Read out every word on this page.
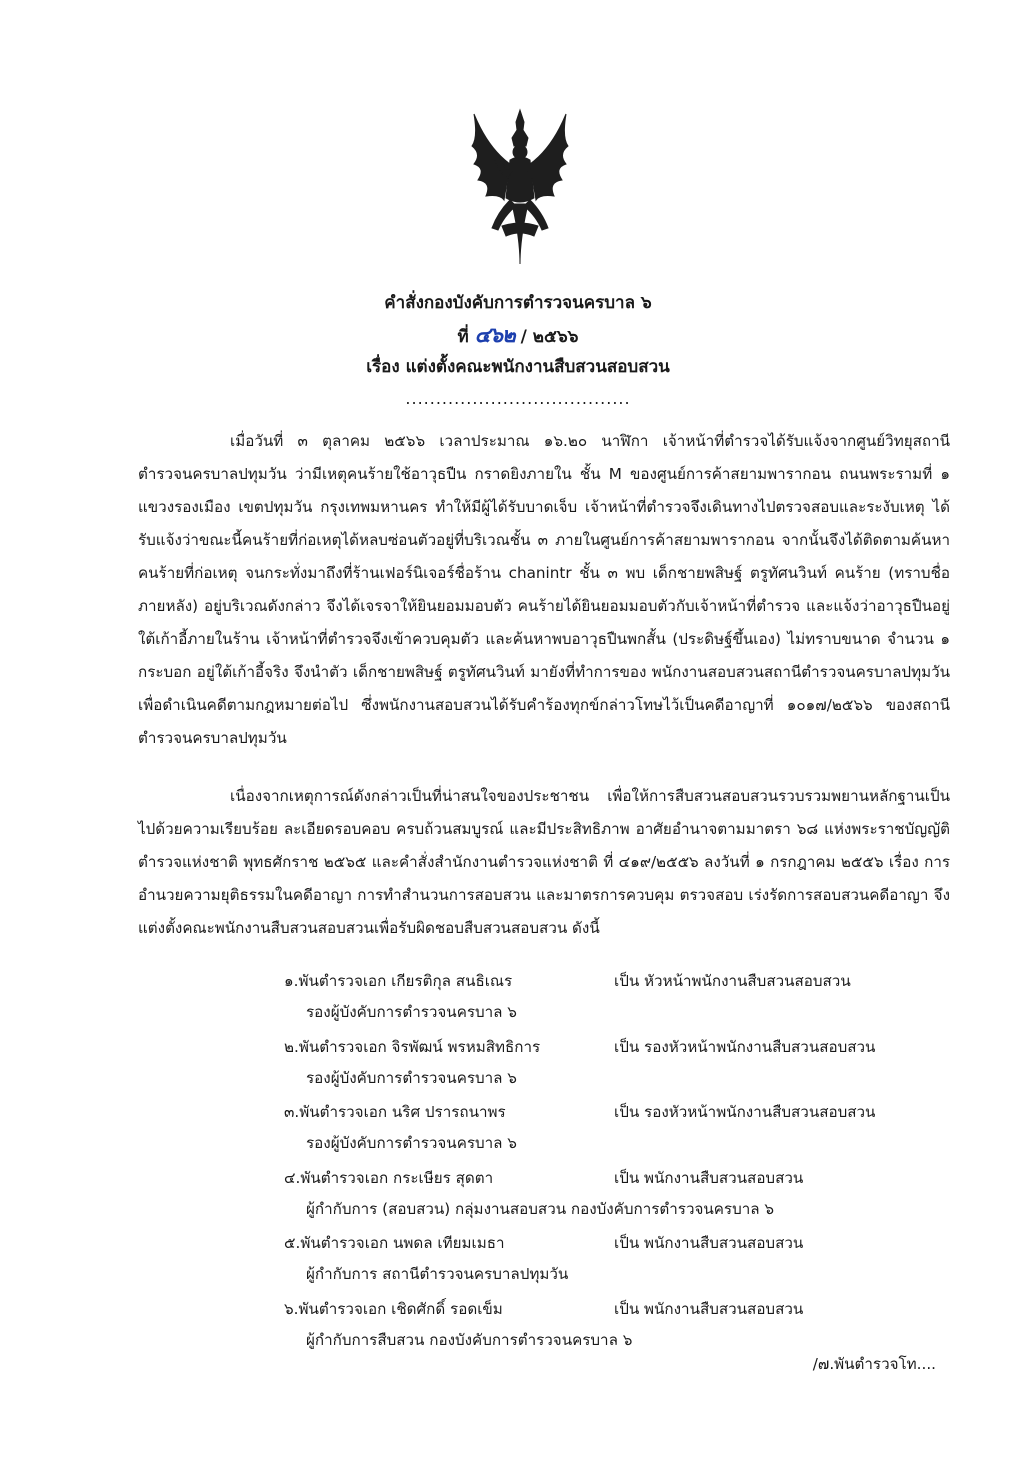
คำสั่งกองบังคับการตำรวจนครบาล ๖
ที่ ๔๖๒ / ๒๕๖๖
เรื่อง แต่งตั้งคณะพนักงานสืบสวนสอบสวน
.....................................

เมื่อวันที่ ๓ ตุลาคม ๒๕๖๖ เวลาประมาณ ๑๖.๒๐ นาฬิกา เจ้าหน้าที่ตำรวจได้รับแจ้งจากศูนย์วิทยุสถานีตำรวจนครบาลปทุมวัน ว่ามีเหตุคนร้ายใช้อาวุธปืน กราดยิงภายใน ชั้น M ของศูนย์การค้าสยามพารากอน ถนนพระรามที่ ๑ แขวงรองเมือง เขตปทุมวัน กรุงเทพมหานคร ทำให้มีผู้ได้รับบาดเจ็บ เจ้าหน้าที่ตำรวจจึงเดินทางไปตรวจสอบและระงับเหตุ ได้รับแจ้งว่าขณะนี้คนร้ายที่ก่อเหตุได้หลบซ่อนตัวอยู่ที่บริเวณชั้น ๓ ภายในศูนย์การค้าสยามพารากอน จากนั้นจึงได้ติดตามค้นหาคนร้ายที่ก่อเหตุ จนกระทั่งมาถึงที่ร้านเฟอร์นิเจอร์ชื่อร้าน chanintr ชั้น ๓ พบ เด็กชายพสิษฐ์ ตรูทัศนวินท์ คนร้าย (ทราบชื่อภายหลัง) อยู่บริเวณดังกล่าว จึงได้เจรจาให้ยินยอมมอบตัว คนร้ายได้ยินยอมมอบตัวกับเจ้าหน้าที่ตำรวจ และแจ้งว่าอาวุธปืนอยู่ใต้เก้าอี้ภายในร้าน เจ้าหน้าที่ตำรวจจึงเข้าควบคุมตัว และค้นหาพบอาวุธปืนพกสั้น (ประดิษฐ์ขึ้นเอง) ไม่ทราบขนาด จำนวน ๑ กระบอก อยู่ใต้เก้าอี้จริง จึงนำตัว เด็กชายพสิษฐ์ ตรูทัศนวินท์ มายังที่ทำการของ พนักงานสอบสวนสถานีตำรวจนครบาลปทุมวัน เพื่อดำเนินคดีตามกฎหมายต่อไป ซึ่งพนักงานสอบสวนได้รับคำร้องทุกข์กล่าวโทษไว้เป็นคดีอาญาที่ ๑๐๑๗/๒๕๖๖ ของสถานีตำรวจนครบาลปทุมวัน

เนื่องจากเหตุการณ์ดังกล่าวเป็นที่น่าสนใจของประชาชน เพื่อให้การสืบสวนสอบสวนรวบรวมพยานหลักฐานเป็นไปด้วยความเรียบร้อย ละเอียดรอบคอบ ครบถ้วนสมบูรณ์ และมีประสิทธิภาพ อาศัยอำนาจตามมาตรา ๖๘ แห่งพระราชบัญญัติตำรวจแห่งชาติ พุทธศักราช ๒๕๖๕ และคำสั่งสำนักงานตำรวจแห่งชาติ ที่ ๔๑๙/๒๕๕๖ ลงวันที่ ๑ กรกฎาคม ๒๕๕๖ เรื่อง การอำนวยความยุติธรรมในคดีอาญา การทำสำนวนการสอบสวน และมาตรการควบคุม ตรวจสอบ เร่งรัดการสอบสวนคดีอาญา จึงแต่งตั้งคณะพนักงานสืบสวนสอบสวนเพื่อรับผิดชอบสืบสวนสอบสวน ดังนี้

๑.พันตำรวจเอก เกียรติกุล สนธิเณร	เป็น หัวหน้าพนักงานสืบสวนสอบสวน
รองผู้บังคับการตำรวจนครบาล ๖
๒.พันตำรวจเอก จิรพัฒน์ พรหมสิทธิการ	เป็น รองหัวหน้าพนักงานสืบสวนสอบสวน
รองผู้บังคับการตำรวจนครบาล ๖
๓.พันตำรวจเอก นริศ ปรารถนาพร	เป็น รองหัวหน้าพนักงานสืบสวนสอบสวน
รองผู้บังคับการตำรวจนครบาล ๖
๔.พันตำรวจเอก กระเษียร สุดตา	เป็น พนักงานสืบสวนสอบสวน
ผู้กำกับการ (สอบสวน) กลุ่มงานสอบสวน กองบังคับการตำรวจนครบาล ๖
๕.พันตำรวจเอก นพดล เทียมเมธา	เป็น พนักงานสืบสวนสอบสวน
ผู้กำกับการ สถานีตำรวจนครบาลปทุมวัน
๖.พันตำรวจเอก เชิดศักดิ์ รอดเข็ม	เป็น พนักงานสืบสวนสอบสวน
ผู้กำกับการสืบสวน กองบังคับการตำรวจนครบาล ๖
/๗.พันตำรวจโท....
